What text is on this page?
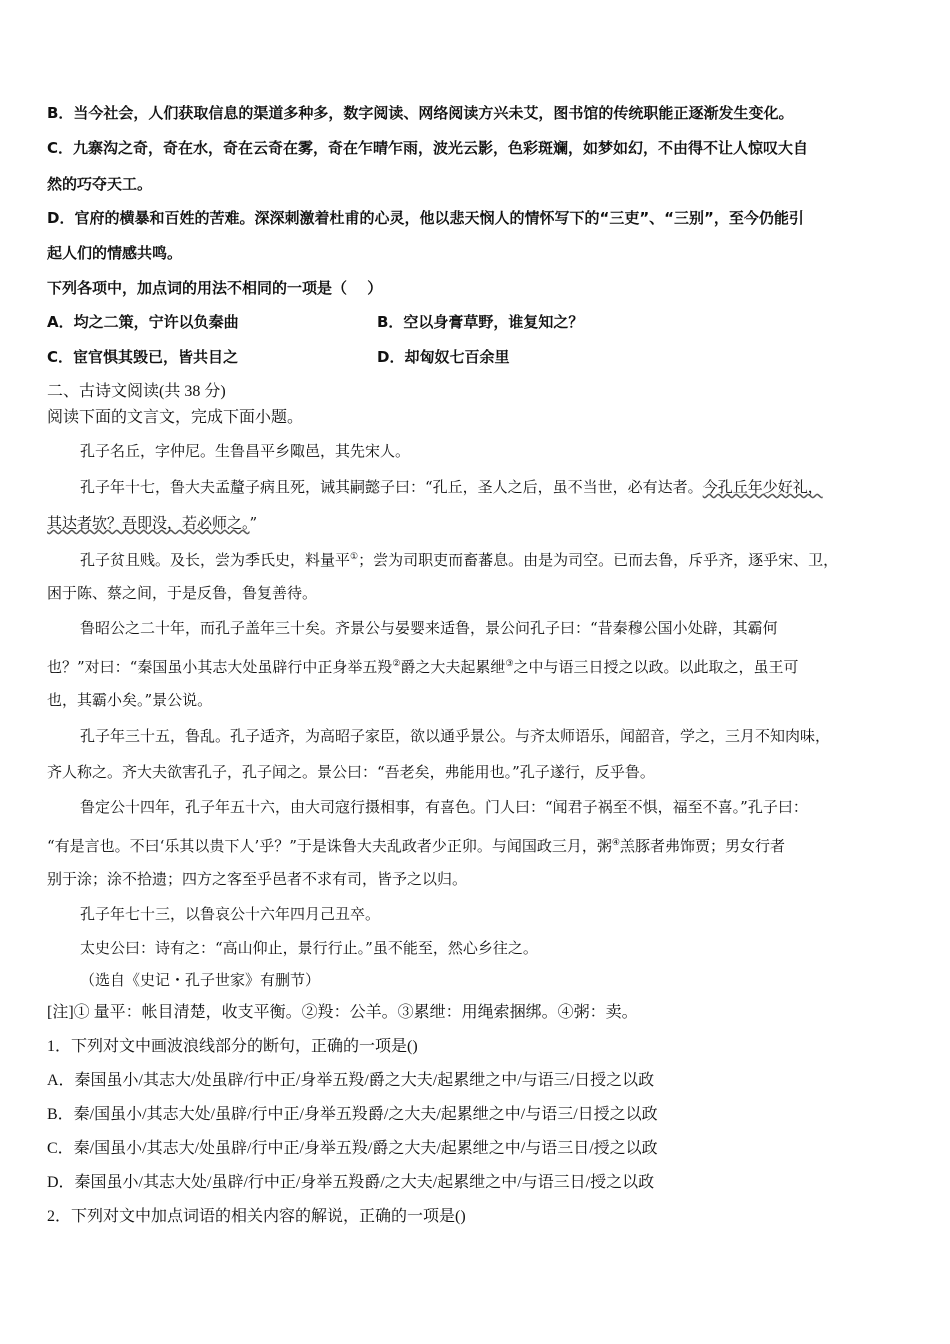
B．当今社会，人们获取信息的渠道多种多，数字阅读、网络阅读方兴未艾，图书馆的传统职能正逐渐发生变化。
C．九寨沟之奇，奇在水，奇在云奇在雾，奇在乍晴乍雨，波光云影，色彩斑斓，如梦如幻，不由得不让人惊叹大自
然的巧夺天工。
D．官府的横暴和百姓的苦难。深深刺激着杜甫的心灵，他以悲天悯人的情怀写下的“三吏”、“三别”，至今仍能引
起人们的情感共鸣。
下列各项中，加点词的用法不相同的一项是（　 ）
A．均之二策，宁许以负秦曲	B．空以身膏草野，谁复知之？
C．宦官惧其毁已，皆共目之	D．却匈奴七百余里
二、古诗文阅读(共 38 分)
阅读下面的文言文，完成下面小题。
孔子名丘，字仲尼。生鲁昌平乡陬邑，其先宋人。
孔子年十七，鲁大夫孟釐子病且死，诫其嗣懿子曰：“孔丘，圣人之后，虽不当世，必有达者。今孔丘年少好礼，
其达者欤？吾即没，若必师之。”
孔子贫且贱。及长，尝为季氏史，料量平①；尝为司职吏而畜蕃息。由是为司空。已而去鲁，斥乎齐，逐乎宋、卫，
困于陈、蔡之间，于是反鲁，鲁复善待。
鲁昭公之二十年，而孔子盖年三十矣。齐景公与晏婴来适鲁，景公问孔子曰：“昔秦穆公国小处辟，其霸何
也？”对曰：“秦国虽小其志大处虽辟行中正身举五羖②爵之大夫起累绁③之中与语三日授之以政。以此取之，虽王可
也，其霸小矣。”景公说。
孔子年三十五，鲁乱。孔子适齐，为高昭子家臣，欲以通乎景公。与齐太师语乐，闻韶音，学之，三月不知肉味，
齐人称之。齐大夫欲害孔子，孔子闻之。景公曰：“吾老矣，弗能用也。”孔子遂行，反乎鲁。
鲁定公十四年，孔子年五十六，由大司寇行摄相事，有喜色。门人曰：“闻君子祸至不惧，福至不喜。”孔子曰：
“有是言也。不曰‘乐其以贵下人’乎？”于是诛鲁大夫乱政者少正卯。与闻国政三月，粥④羔豚者弗饰贾；男女行者
别于涂；涂不拾遗；四方之客至乎邑者不求有司，皆予之以归。
孔子年七十三，以鲁哀公十六年四月己丑卒。
太史公曰：诗有之：“高山仰止，景行行止。”虽不能至，然心乡往之。
（选自《史记・孔子世家》有删节）
[注]① 量平：帐目清楚，收支平衡。②羖：公羊。③累绁：用绳索捆绑。④粥：卖。
1．下列对文中画波浪线部分的断句，正确的一项是()
A．秦国虽小/其志大/处虽辟/行中正/身举五羖/爵之大夫/起累绁之中/与语三/日授之以政
B．秦/国虽小/其志大处/虽辟/行中正/身举五羖爵/之大夫/起累绁之中/与语三/日授之以政
C．秦/国虽小/其志大/处虽辟/行中正/身举五羖/爵之大夫/起累绁之中/与语三日/授之以政
D．秦国虽小/其志大处/虽辟/行中正/身举五羖爵/之大夫/起累绁之中/与语三日/授之以政
2．下列对文中加点词语的相关内容的解说，正确的一项是()
